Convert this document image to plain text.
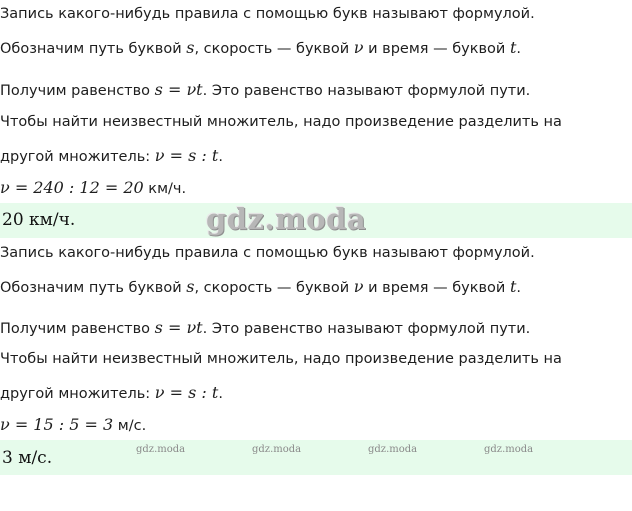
Запись какого-нибудь правила с помощью букв называют формулой.
Обозначим путь буквой s, скорость — буквой ν и время — буквой t.
Получим равенство s = νt. Это равенство называют формулой пути.
Чтобы найти неизвестный множитель, надо произведение разделить на
другой множитель: ν = s : t.
ν = 240 : 12 = 20 км/ч.
20 км/ч.
Запись какого-нибудь правила с помощью букв называют формулой.
Обозначим путь буквой s, скорость — буквой ν и время — буквой t.
Получим равенство s = νt. Это равенство называют формулой пути.
Чтобы найти неизвестный множитель, надо произведение разделить на
другой множитель: ν = s : t.
ν = 15 : 5 = 3 м/с.
3 м/с.
gdz.moda
gdz.moda	gdz.moda	gdz.moda	gdz.moda
